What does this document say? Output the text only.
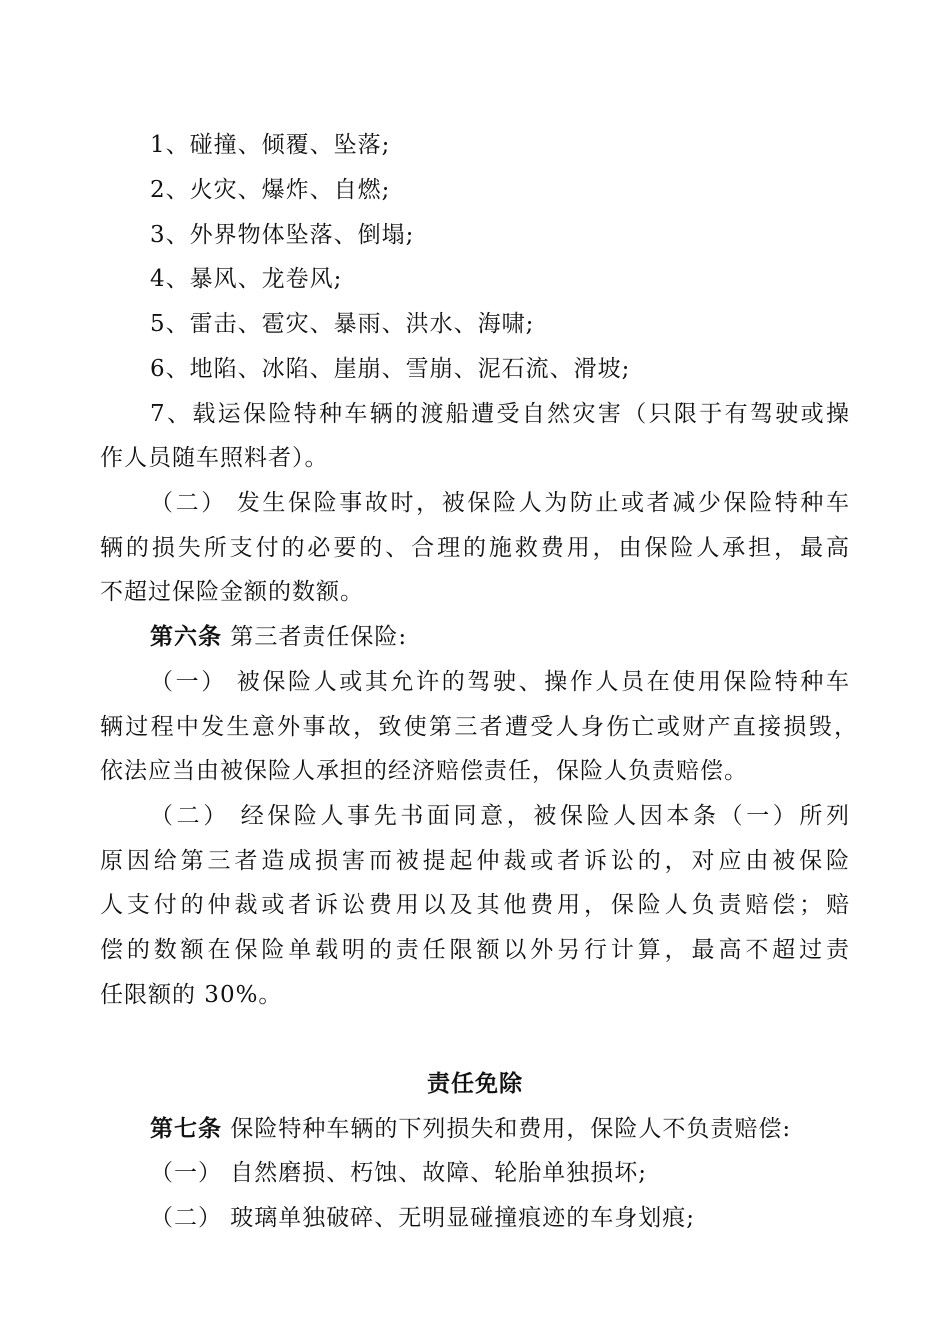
1、碰撞、倾覆、坠落;
2、火灾、爆炸、自燃;
3、外界物体坠落、倒塌;
4、暴风、龙卷风;
5、雷击、雹灾、暴雨、洪水、海啸;
6、地陷、冰陷、崖崩、雪崩、泥石流、滑坡;
7、载运保险特种车辆的渡船遭受自然灾害（只限于有驾驶或操
作人员随车照料者）。
（二） 发生保险事故时，被保险人为防止或者减少保险特种车
辆的损失所支付的必要的、合理的施救费用，由保险人承担，最高
不超过保险金额的数额。
第六条 第三者责任保险:
（一） 被保险人或其允许的驾驶、操作人员在使用保险特种车
辆过程中发生意外事故，致使第三者遭受人身伤亡或财产直接损毁，
依法应当由被保险人承担的经济赔偿责任，保险人负责赔偿。
（二） 经保险人事先书面同意，被保险人因本条（一）所列
原因给第三者造成损害而被提起仲裁或者诉讼的，对应由被保险
人支付的仲裁或者诉讼费用以及其他费用，保险人负责赔偿；赔
偿的数额在保险单载明的责任限额以外另行计算，最高不超过责
任限额的 30%。
责任免除
第七条 保险特种车辆的下列损失和费用，保险人不负责赔偿:
（一） 自然磨损、朽蚀、故障、轮胎单独损坏;
（二） 玻璃单独破碎、无明显碰撞痕迹的车身划痕;
